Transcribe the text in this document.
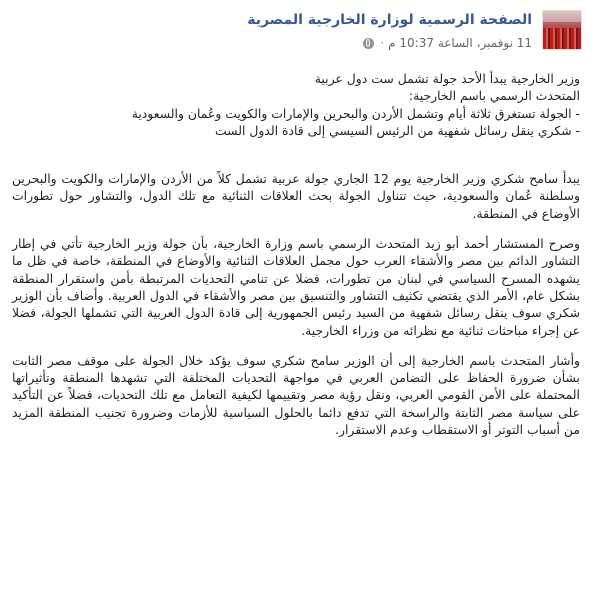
الصفحة الرسمية لوزارة الخارجية المصرية
11 نوفمبر، الساعة 10:37 م
·

وزير الخارجية يبدأ الأحد جولة تشمل ست دول عربية

المتحدث الرسمي باسم الخارجية:

- الجولة تستغرق ثلاثة أيام وتشمل الأردن والبحرين والإمارات والكويت وعُمان والسعودية

- شكري ينقل رسائل شفهية من الرئيس السيسي إلى قادة الدول الست

يبدأ سامح شكري وزير الخارجية يوم 12 الجاري جولة عربية تشمل كلاً من الأردن والإمارات والكويت والبحرين وسلطنة عُمان والسعودية، حيث تتناول الجولة بحث العلاقات الثنائية مع تلك الدول، والتشاور حول تطورات الأوضاع في المنطقة.

وصرح المستشار أحمد أبو زيد المتحدث الرسمي باسم وزارة الخارجية، بأن جولة وزير الخارجية تأتي في إطار التشاور الدائم بين مصر والأشقاء العرب حول مجمل العلاقات الثنائية والأوضاع في المنطقة، خاصة في ظل ما يشهده المسرح السياسي في لبنان من تطورات، فضلا عن تنامي التحديات المرتبطة بأمن واستقرار المنطقة بشكل عام، الأمر الذي يقتضي تكثيف التشاور والتنسيق بين مصر والأشقاء في الدول العربية. وأضاف بأن الوزير شكري سوف ينقل رسائل شفهية من السيد رئيس الجمهورية إلى قادة الدول العربية التي تشملها الجولة، فضلا عن إجراء مباحثات ثنائية مع نظرائه من وزراء الخارجية.

وأشار المتحدث باسم الخارجية إلى أن الوزير سامح شكري سوف يؤكد خلال الجولة على موقف مصر الثابت بشأن ضرورة الحفاظ على التضامن العربي في مواجهة التحديات المختلفة التي تشهدها المنطقة وتأثيراتها المحتملة على الأمن القومي العربي، ونقل رؤية مصر وتقييمها لكيفية التعامل مع تلك التحديات، فضلاً عن التأكيد على سياسة مصر الثابتة والراسخة التي تدفع دائما بالحلول السياسية للأزمات وضرورة تجنيب المنطقة المزيد من أسباب التوتر أو الاستقطاب وعدم الاستقرار.
